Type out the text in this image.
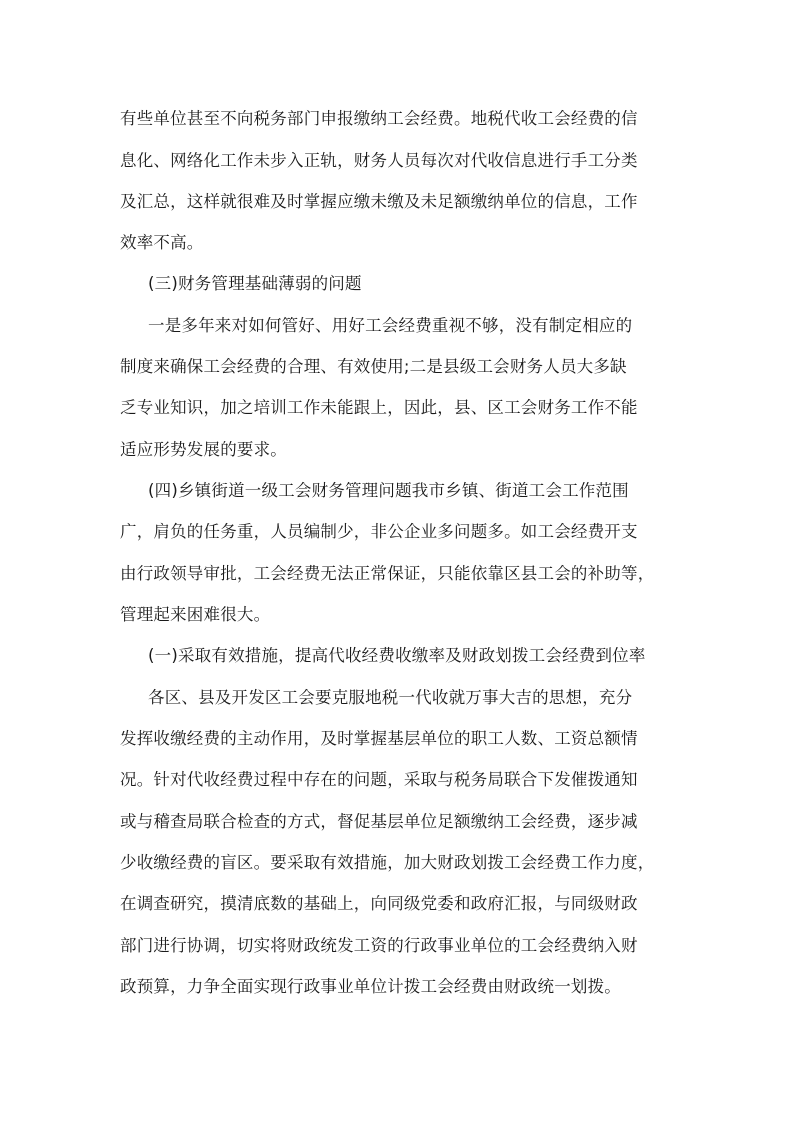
有些单位甚至不向税务部门申报缴纳工会经费。地税代收工会经费的信
息化、网络化工作未步入正轨，财务人员每次对代收信息进行手工分类
及汇总，这样就很难及时掌握应缴未缴及未足额缴纳单位的信息，工作
效率不高。
(三)财务管理基础薄弱的问题
一是多年来对如何管好、用好工会经费重视不够，没有制定相应的
制度来确保工会经费的合理、有效使用;二是县级工会财务人员大多缺
乏专业知识，加之培训工作未能跟上，因此，县、区工会财务工作不能
适应形势发展的要求。
(四)乡镇街道一级工会财务管理问题我市乡镇、街道工会工作范围
广，肩负的任务重，人员编制少，非公企业多问题多。如工会经费开支
由行政领导审批，工会经费无法正常保证，只能依靠区县工会的补助等，
管理起来困难很大。
(一)采取有效措施，提高代收经费收缴率及财政划拨工会经费到位率
各区、县及开发区工会要克服地税一代收就万事大吉的思想，充分
发挥收缴经费的主动作用，及时掌握基层单位的职工人数、工资总额情
况。针对代收经费过程中存在的问题，采取与税务局联合下发催拨通知
或与稽查局联合检查的方式，督促基层单位足额缴纳工会经费，逐步减
少收缴经费的盲区。要采取有效措施，加大财政划拨工会经费工作力度，
在调查研究，摸清底数的基础上，向同级党委和政府汇报，与同级财政
部门进行协调，切实将财政统发工资的行政事业单位的工会经费纳入财
政预算，力争全面实现行政事业单位计拨工会经费由财政统一划拨。
